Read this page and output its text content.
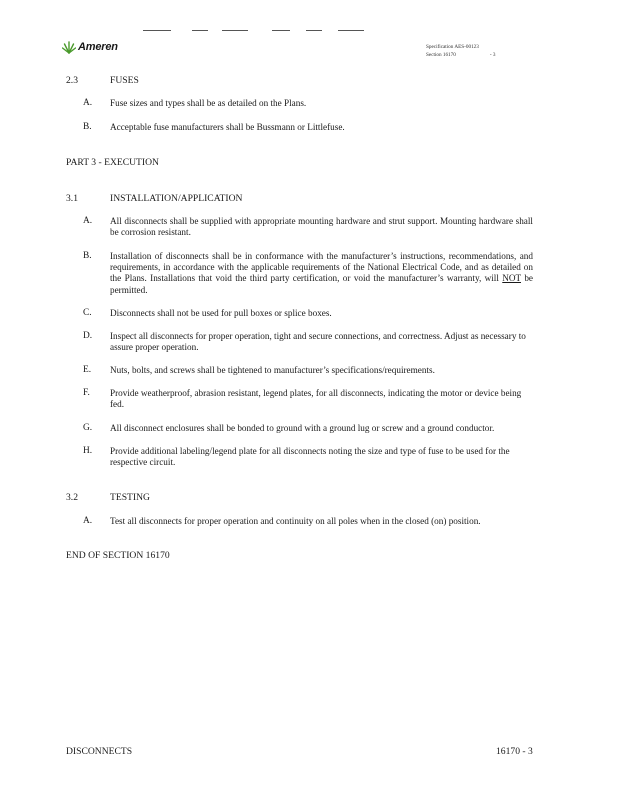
Ameren	Specification AES-00123
Section 16170	- 3
2.3	FUSES
A. Fuse sizes and types shall be as detailed on the Plans.
B. Acceptable fuse manufacturers shall be Bussmann or Littlefuse.
PART 3 - EXECUTION
3.1	INSTALLATION/APPLICATION
A. All disconnects shall be supplied with appropriate mounting hardware and strut support. Mounting hardware shall be corrosion resistant.
B. Installation of disconnects shall be in conformance with the manufacturer’s instructions, recommendations, and requirements, in accordance with the applicable requirements of the National Electrical Code, and as detailed on the Plans. Installations that void the third party certification, or void the manufacturer’s warranty, will NOT be permitted.
C. Disconnects shall not be used for pull boxes or splice boxes.
D. Inspect all disconnects for proper operation, tight and secure connections, and correctness. Adjust as necessary to assure proper operation.
E. Nuts, bolts, and screws shall be tightened to manufacturer’s specifications/requirements.
F. Provide weatherproof, abrasion resistant, legend plates, for all disconnects, indicating the motor or device being fed.
G. All disconnect enclosures shall be bonded to ground with a ground lug or screw and a ground conductor.
H. Provide additional labeling/legend plate for all disconnects noting the size and type of fuse to be used for the respective circuit.
3.2	TESTING
A. Test all disconnects for proper operation and continuity on all poles when in the closed (on) position.
END OF SECTION 16170
DISCONNECTS	16170 - 3
